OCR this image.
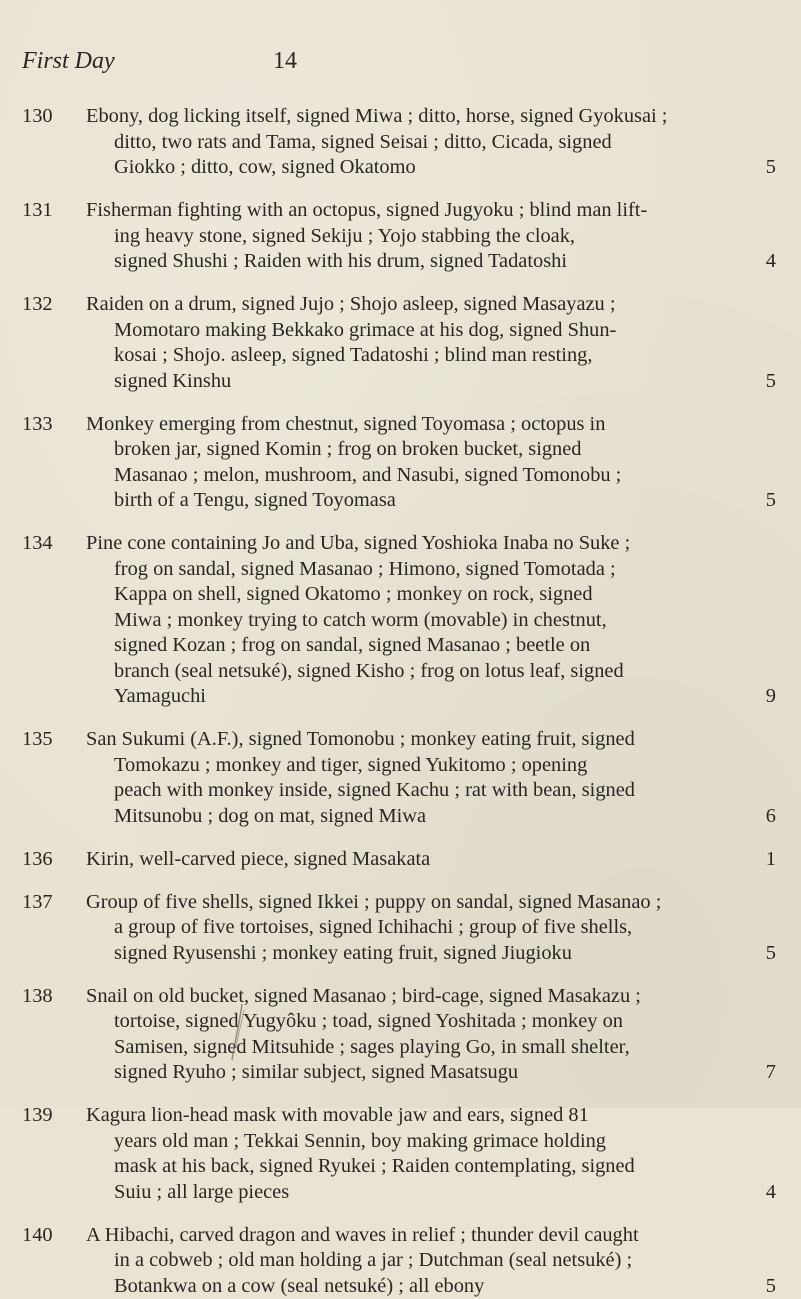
First Day	14
130 Ebony, dog licking itself, signed Miwa ; ditto, horse, signed Gyokusai ;
ditto, two rats and Tama, signed Seisai ; ditto, Cicada, signed
Giokko ; ditto, cow, signed Okatomo	5
131 Fisherman fighting with an octopus, signed Jugyoku ; blind man lift-
ing heavy stone, signed Sekiju ; Yojo stabbing the cloak,
signed Shushi ; Raiden with his drum, signed Tadatoshi	4
132 Raiden on a drum, signed Jujo ; Shojo asleep, signed Masayazu ;
Momotaro making Bekkako grimace at his dog, signed Shun-
kosai ; Shojo. asleep, signed Tadatoshi ; blind man resting,
signed Kinshu	5
133 Monkey emerging from chestnut, signed Toyomasa ; octopus in
broken jar, signed Komin ; frog on broken bucket, signed
Masanao ; melon, mushroom, and Nasubi, signed Tomonobu ;
birth of a Tengu, signed Toyomasa	5
134 Pine cone containing Jo and Uba, signed Yoshioka Inaba no Suke ;
frog on sandal, signed Masanao ; Himono, signed Tomotada ;
Kappa on shell, signed Okatomo ; monkey on rock, signed
Miwa ; monkey trying to catch worm (movable) in chestnut,
signed Kozan ; frog on sandal, signed Masanao ; beetle on
branch (seal netsuké), signed Kisho ; frog on lotus leaf, signed
Yamaguchi	9
135 San Sukumi (A.F.), signed Tomonobu ; monkey eating fruit, signed
Tomokazu ; monkey and tiger, signed Yukitomo ; opening
peach with monkey inside, signed Kachu ; rat with bean, signed
Mitsunobu ; dog on mat, signed Miwa	6
136 Kirin, well-carved piece, signed Masakata	1
137 Group of five shells, signed Ikkei ; puppy on sandal, signed Masanao ;
a group of five tortoises, signed Ichihachi ; group of five shells,
signed Ryusenshi ; monkey eating fruit, signed Jiugioku	5
138 Snail on old bucket, signed Masanao ; bird-cage, signed Masakazu ;
tortoise, signed Yugyôku ; toad, signed Yoshitada ; monkey on
Samisen, signed Mitsuhide ; sages playing Go, in small shelter,
signed Ryuho ; similar subject, signed Masatsugu	7
139 Kagura lion-head mask with movable jaw and ears, signed 81
years old man ; Tekkai Sennin, boy making grimace holding
mask at his back, signed Ryukei ; Raiden contemplating, signed
Suiu ; all large pieces	4
140 A Hibachi, carved dragon and waves in relief ; thunder devil caught
in a cobweb ; old man holding a jar ; Dutchman (seal netsuké) ;
Botankwa on a cow (seal netsuké) ; all ebony	5
